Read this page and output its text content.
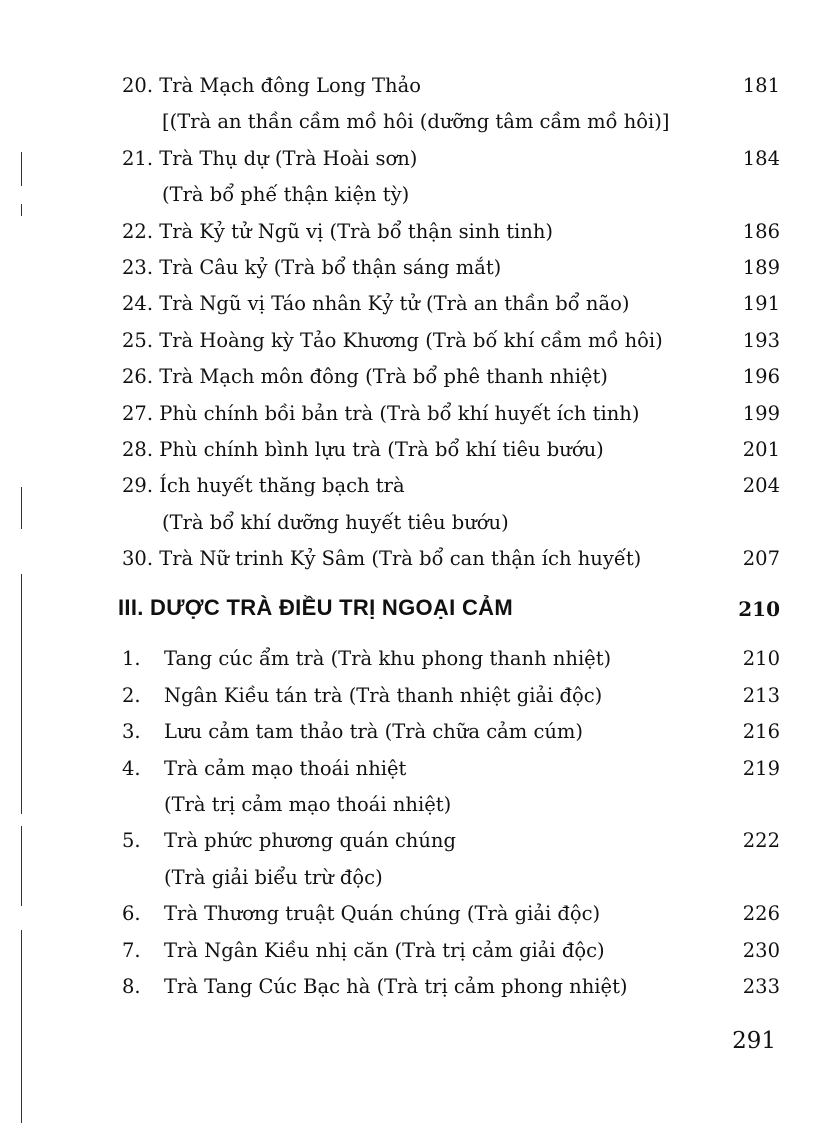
20. Trà Mạch đông Long Thảo	181
[(Trà an thần cầm mồ hôi (dưỡng tâm cầm mồ hôi)]
21. Trà Thụ dự (Trà Hoài sơn)	184
(Trà bổ phế thận kiện tỳ)
22. Trà Kỷ tử Ngũ vị (Trà bổ thận sinh tinh)	186
23. Trà Câu kỷ (Trà bổ thận sáng mắt)	189
24. Trà Ngũ vị Táo nhân Kỷ tử (Trà an thần bổ não)	191
25. Trà Hoàng kỳ Tảo Khương (Trà bố khí cầm mồ hôi)	193
26. Trà Mạch môn đông (Trà bổ phê thanh nhiệt)	196
27. Phù chính bồi bản trà (Trà bổ khí huyết ích tinh)	199
28. Phù chính bình lựu trà (Trà bổ khí tiêu bướu)	201
29. Ích huyết thăng bạch trà	204
(Trà bổ khí dưỡng huyết tiêu bướu)
30. Trà Nữ trinh Kỷ Sâm (Trà bổ can thận ích huyết)	207
III. DƯỢC TRÀ ĐIỀU TRỊ NGOẠI CẢM	210
1. Tang cúc ẩm trà (Trà khu phong thanh nhiệt)	210
2. Ngân Kiều tán trà (Trà thanh nhiệt giải độc)	213
3. Lưu cảm tam thảo trà (Trà chữa cảm cúm)	216
4. Trà cảm mạo thoái nhiệt	219
(Trà trị cảm mạo thoái nhiệt)
5. Trà phức phương quán chúng	222
(Trà giải biểu trừ độc)
6. Trà Thương truật Quán chúng (Trà giải độc)	226
7. Trà Ngân Kiều nhị căn (Trà trị cảm giải độc)	230
8. Trà Tang Cúc Bạc hà (Trà trị cảm phong nhiệt)	233
291
